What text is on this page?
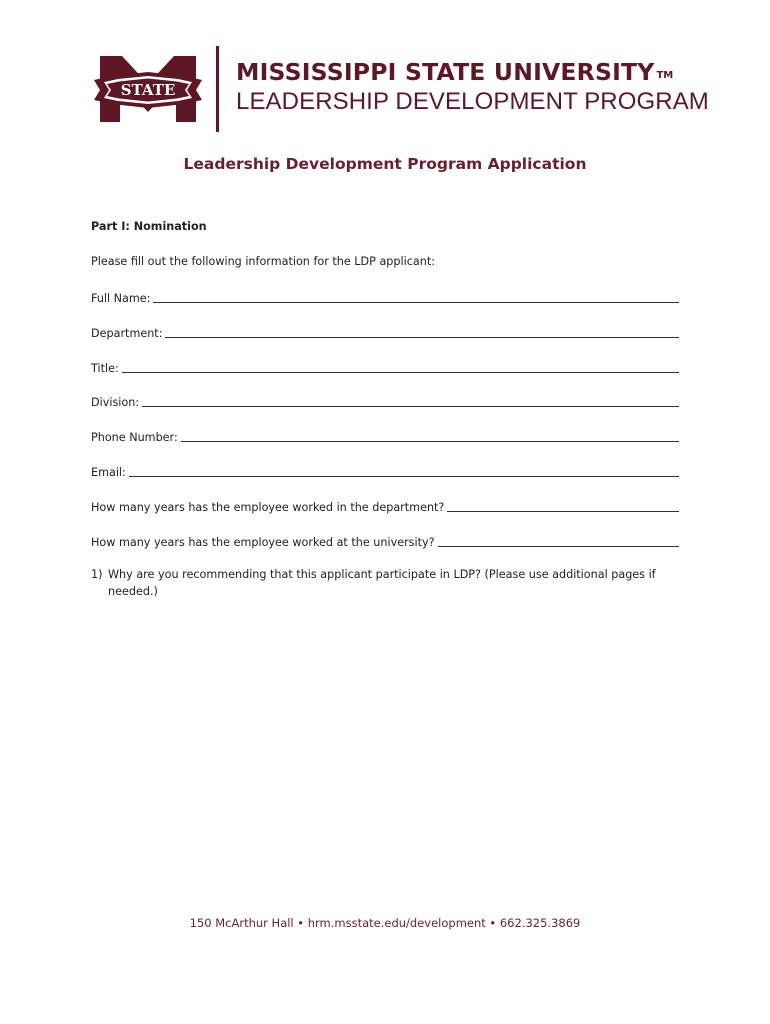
STATE
MISSISSIPPI STATE UNIVERSITY TM
LEADERSHIP DEVELOPMENT PROGRAM
Leadership Development Program Application
Part I: Nomination
Please fill out the following information for the LDP applicant:
Full Name:
Department:
Title:
Division:
Phone Number:
Email:
How many years has the employee worked in the department?
How many years has the employee worked at the university?
1) Why are you recommending that this applicant participate in LDP? (Please use additional pages if needed.)
150 McArthur Hall • hrm.msstate.edu/development • 662.325.3869
